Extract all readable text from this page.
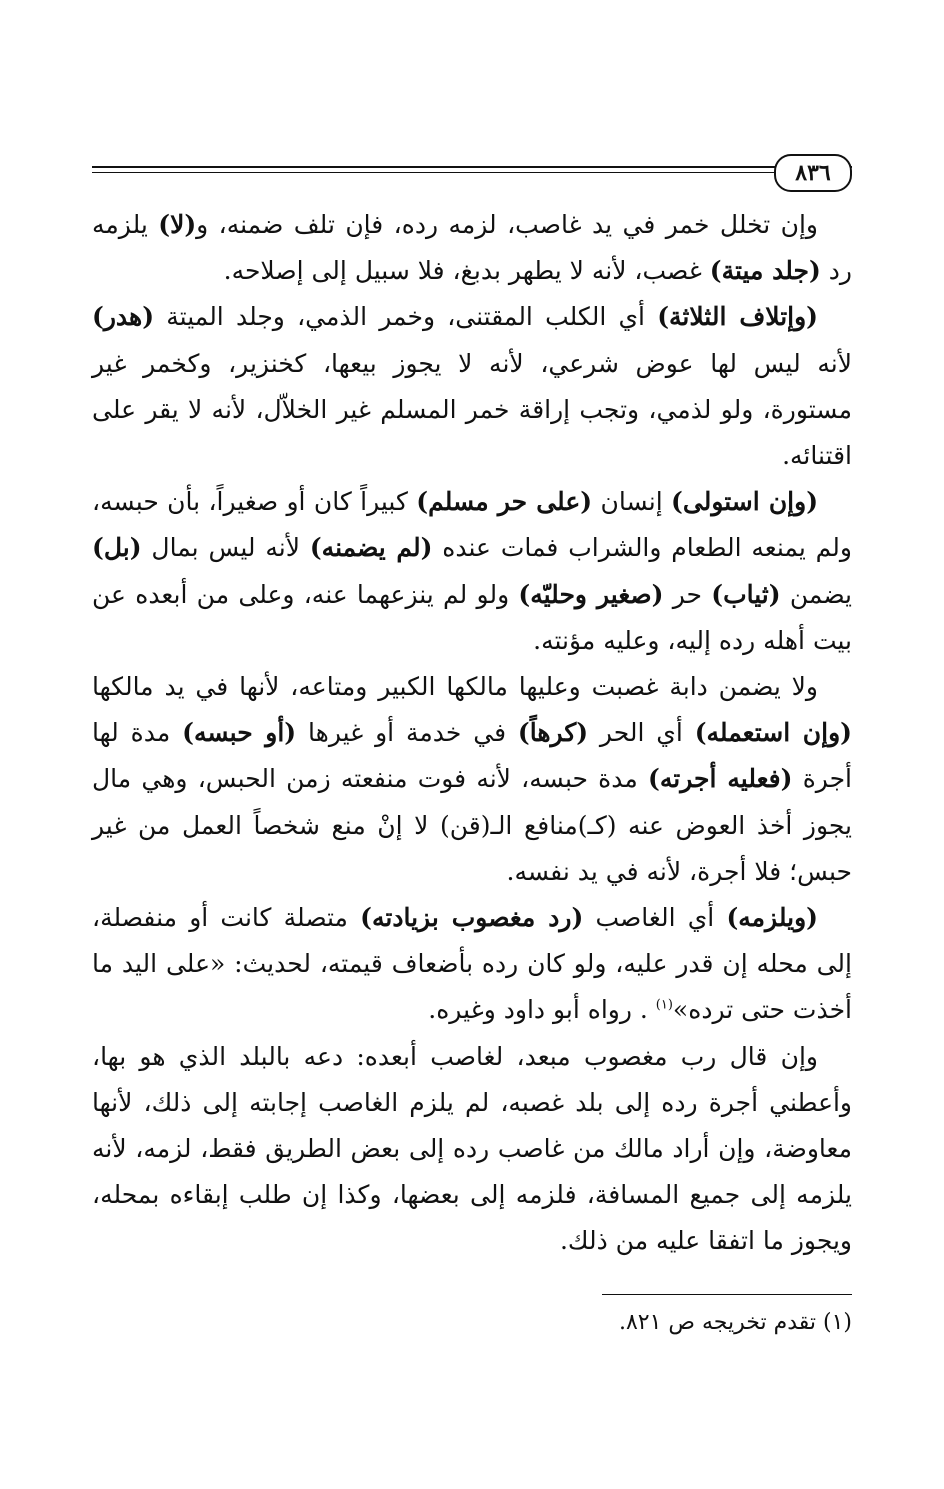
٨٣٦

وإن تخلل خمر في يد غاصب، لزمه رده، فإن تلف ضمنه، و(لا) يلزمه رد (جلد ميتة) غصب، لأنه لا يطهر بدبغ، فلا سبيل إلى إصلاحه.

(وإتلاف الثلاثة) أي الكلب المقتنى، وخمر الذمي، وجلد الميتة (هدر) لأنه ليس لها عوض شرعي، لأنه لا يجوز بيعها، كخنزير، وكخمر غير مستورة، ولو لذمي، وتجب إراقة خمر المسلم غير الخلاّل، لأنه لا يقر على اقتنائه.

(وإن استولى) إنسان (على حر مسلم) كبيراً كان أو صغيراً، بأن حبسه، ولم يمنعه الطعام والشراب فمات عنده (لم يضمنه) لأنه ليس بمال (بل) يضمن (ثياب) حر (صغير وحليّه) ولو لم ينزعهما عنه، وعلى من أبعده عن بيت أهله رده إليه، وعليه مؤنته.

ولا يضمن دابة غصبت وعليها مالكها الكبير ومتاعه، لأنها في يد مالكها (وإن استعمله) أي الحر (كرهاً) في خدمة أو غيرها (أو حبسه) مدة لها أجرة (فعليه أجرته) مدة حبسه، لأنه فوت منفعته زمن الحبس، وهي مال يجوز أخذ العوض عنه (كـ)منافع الـ(قن) لا إنْ منع شخصاً العمل من غير حبس؛ فلا أجرة، لأنه في يد نفسه.

(ويلزمه) أي الغاصب (رد مغصوب بزيادته) متصلة كانت أو منفصلة، إلى محله إن قدر عليه، ولو كان رده بأضعاف قيمته، لحديث: «على اليد ما أخذت حتى ترده»$^{(١)}$ . رواه أبو داود وغيره.

وإن قال رب مغصوب مبعد، لغاصب أبعده: دعه بالبلد الذي هو بها، وأعطني أجرة رده إلى بلد غصبه، لم يلزم الغاصب إجابته إلى ذلك، لأنها معاوضة، وإن أراد مالك من غاصب رده إلى بعض الطريق فقط، لزمه، لأنه يلزمه إلى جميع المسافة، فلزمه إلى بعضها، وكذا إن طلب إبقاءه بمحله، ويجوز ما اتفقا عليه من ذلك.

(١) تقدم تخريجه ص ٨٢١.
